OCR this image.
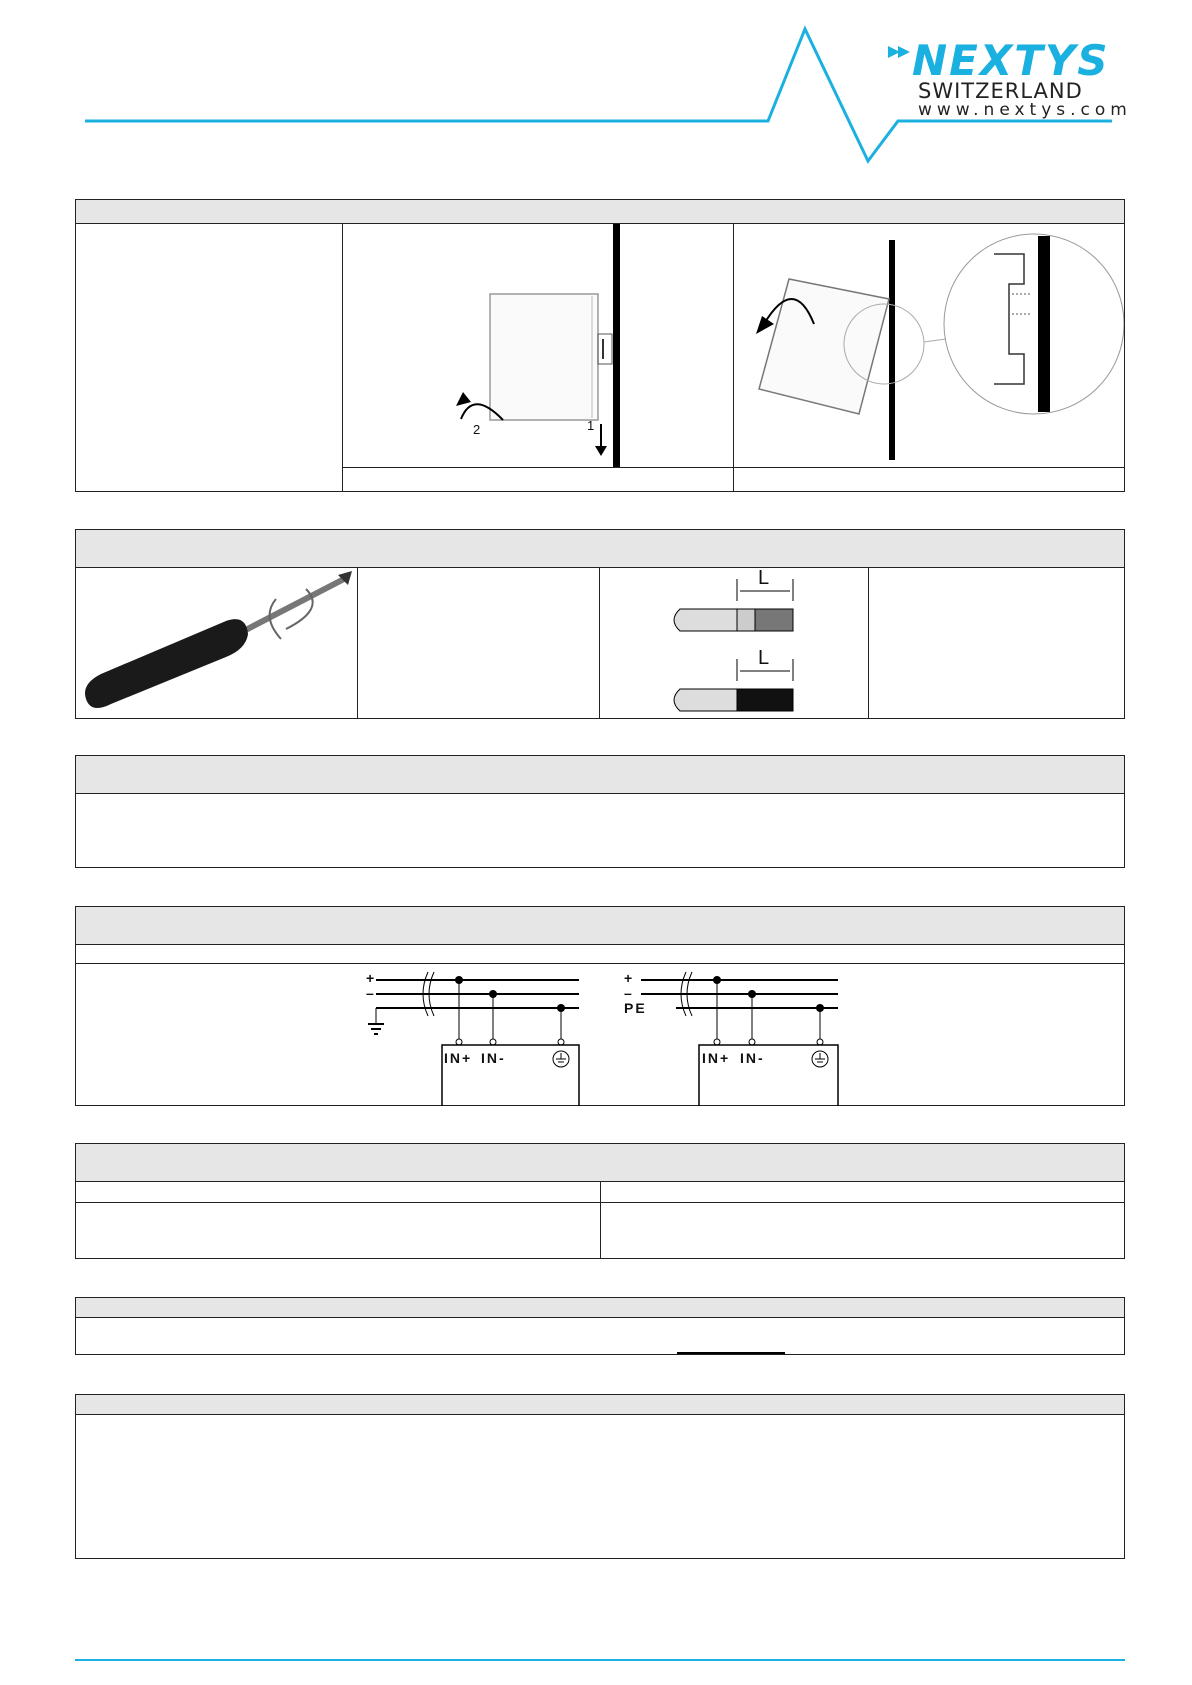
NEXTYS
SWITZERLAND
www.nextys.com
1
2
L
L
+
–
IN+ IN-
+
–
PE
IN+ IN-
